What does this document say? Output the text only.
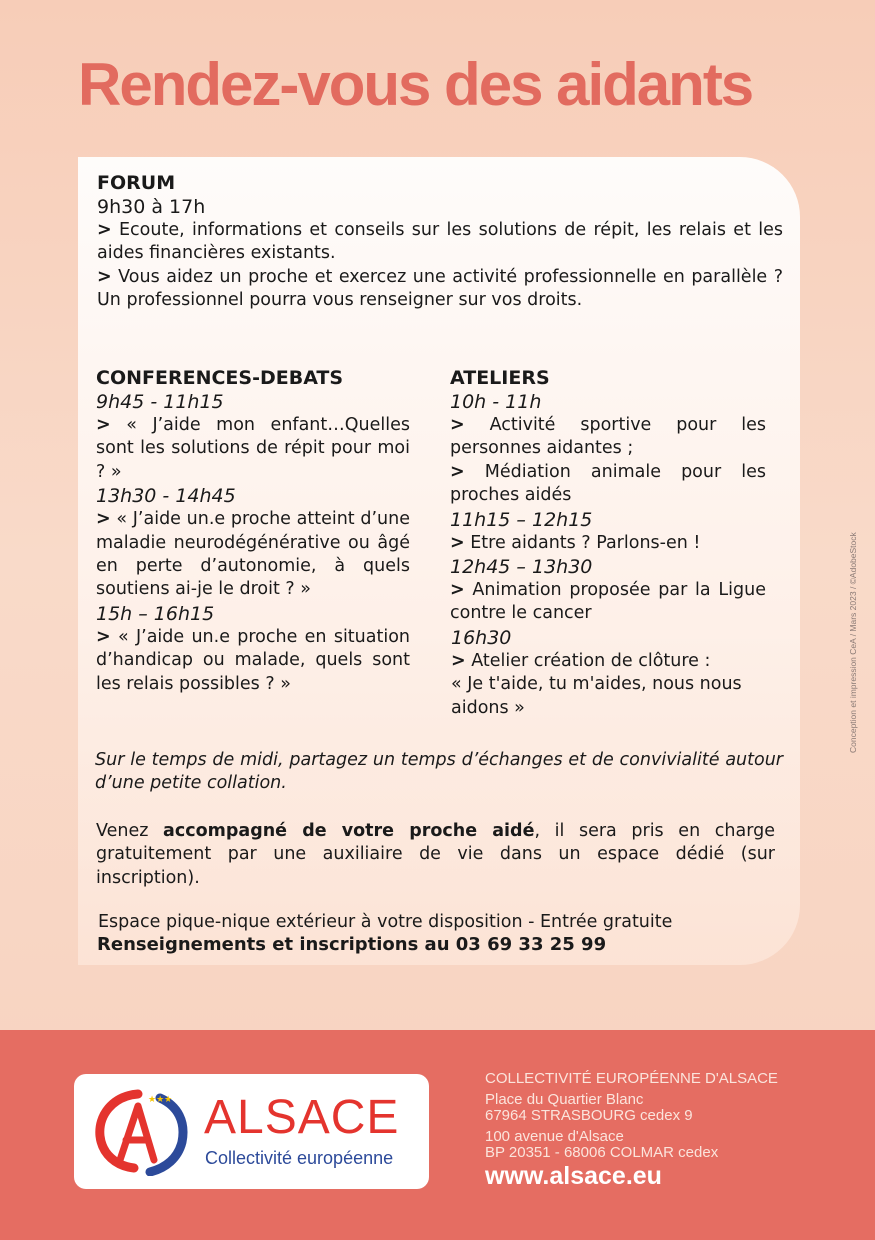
Rendez-vous des aidants
FORUM
9h30 à 17h
> Ecoute, informations et conseils sur les solutions de répit, les relais et les aides financières existants.
> Vous aidez un proche et exercez une activité professionnelle en parallèle ? Un professionnel pourra vous renseigner sur vos droits.
CONFERENCES-DEBATS
9h45 - 11h15

> « J’aide mon enfant…Quelles sont les solutions de répit pour moi ? »

13h30 - 14h45

> « J’aide un.e proche atteint d’une maladie neurodégénérative ou âgé en perte d’autonomie, à quels soutiens ai-je le droit ? »

15h – 16h15

> « J’aide un.e proche en situation d’handicap ou malade, quels sont les relais possibles ? »

ATELIERS
10h - 11h

> Activité sportive pour les personnes aidantes ;

> Médiation animale pour les proches aidés

11h15 – 12h15

> Etre aidants ? Parlons-en !

12h45 – 13h30

> Animation proposée par la Ligue contre le cancer

16h30

> Atelier création de clôture :

« Je t'aide, tu m'aides, nous nous aidons »

Sur le temps de midi, partagez un temps d’échanges et de convivialité autour d’une petite collation.
Venez accompagné de votre proche aidé, il sera pris en charge gratuitement par une auxiliaire de vie dans un espace dédié (sur inscription).
Espace pique-nique extérieur à votre disposition - Entrée gratuite
Renseignements et inscriptions au 03 69 33 25 99
Conception et impression CeA / Mars 2023 / ©AdobeStock
★★★ ALSACE
Collectivité européenne
COLLECTIVITÉ EUROPÉENNE D'ALSACE
Place du Quartier Blanc
67964 STRASBOURG cedex 9
100 avenue d'Alsace
BP 20351 - 68006 COLMAR cedex
www.alsace.eu
